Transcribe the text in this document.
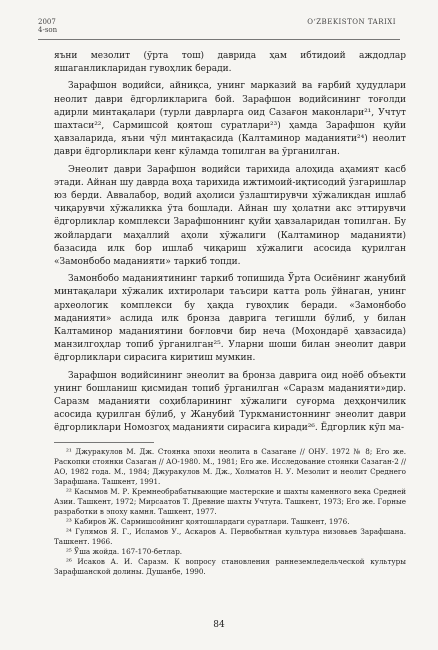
2007
4-son
O‘ZBEKISTON TARIXI

яъни мезолит (ўрта тош) даврида ҳам ибтидоий аждодлар яшаганликларидан гувоҳлик беради.

Зарафшон водийси, айниқса, унинг марказий ва ғарбий ҳудудлари неолит даври ёдгорликларига бой. Зарафшон водийсининг тоғолди адирли минтақалари (турли даврларга оид Сазағон маконлари²¹, Учтут шахтаси²², Сармишсой қоятош суратлари²³) ҳамда Зарафшон қуйи ҳавзаларида, яъни чўл минтақасида (Калтаминор маданияти²⁴) неолит даври ёдгорликлари кенг кўламда топилган ва ўрганилган.

Энеолит даври Зарафшон водийси тарихида алоҳида аҳамият касб этади. Айнан шу даврда воҳа тарихида ижтимоий-иқтисодий ўзгаришлар юз берди. Аввалабор, водий аҳолиси ўзлаштирувчи хўжаликдан ишлаб чиқарувчи хўжаликка ўта бошлади. Айнан шу ҳолатни акс эттирувчи ёдгорликлар комплекси Зарафшоннинг қуйи ҳавзаларидан топилган. Бу жойлардаги маҳаллий аҳоли хўжалиги (Калтаминор маданияти) базасида илк бор ишлаб чиқариш хўжалиги асосида қурилган «Замонбобо маданияти» таркиб топди.

Замонбобо маданиятининг таркиб топишида Ўрта Осиёнинг жанубий минтақалари хўжалик ихтиролари таъсири катта роль ўйнаган, унинг археологик комплекси бу ҳақда гувоҳлик беради. «Замонбобо маданияти» аслида илк бронза даврига тегишли бўлиб, у билан Калтаминор маданиятини боғловчи бир неча (Моҳондарё ҳавзасида) манзилгоҳлар топиб ўрганилган²⁵. Уларни шоши билан энеолит даври ёдгорликлари сирасига киритиш мумкин.

Зарафшон водийсининг энеолит ва бронза даврига оид ноёб объекти унинг бошланиш қисмидан топиб ўрганилган «Саразм маданияти»дир. Саразм маданияти соҳибларининг хўжалиги суғорма деҳқончилик асосида қурилган бўлиб, у Жанубий Туркманистоннинг энеолит даври ёдгорликлари Номозгоҳ маданияти сирасига киради²⁶. Ёдгорлик кўп ма-

²¹ Джуракулов М. Дж. Стоянка эпохи неолита в Сазагане // ОНУ. 1972 № 8; Его же. Раскопки стоянки Сазаган // АО-1980. М., 1981; Его же. Исследование стоянки Сазаган-2 // АО, 1982 года. М., 1984; Джуракулов М. Дж., Холматов Н. У. Мезолит и неолит Среднего Зарафшана. Ташкент, 1991.

²² Касымов М. Р. Кремнеобрабатывающие мастерские и шахты каменного века Средней Азии. Ташкент, 1972; Мирсаатов Т. Древние шахты Учтута. Ташкент, 1973; Его же. Горные разработки в эпоху камня. Ташкент, 1977.

²³ Кабиров Ж. Сармишсойнинг қоятошлардаги суратлари. Ташкент, 1976.

²⁴ Гулямов Я. Г., Исламов У., Аскаров А. Первобытная культура низовьев Зарафшана. Ташкент. 1966.

²⁵ Ўша жойда. 167-170-бетлар.

²⁶ Исаков А. И. Саразм. К вопросу становления раннеземледельческой культуры Зарафшанской долины. Душанбе, 1990.

84
